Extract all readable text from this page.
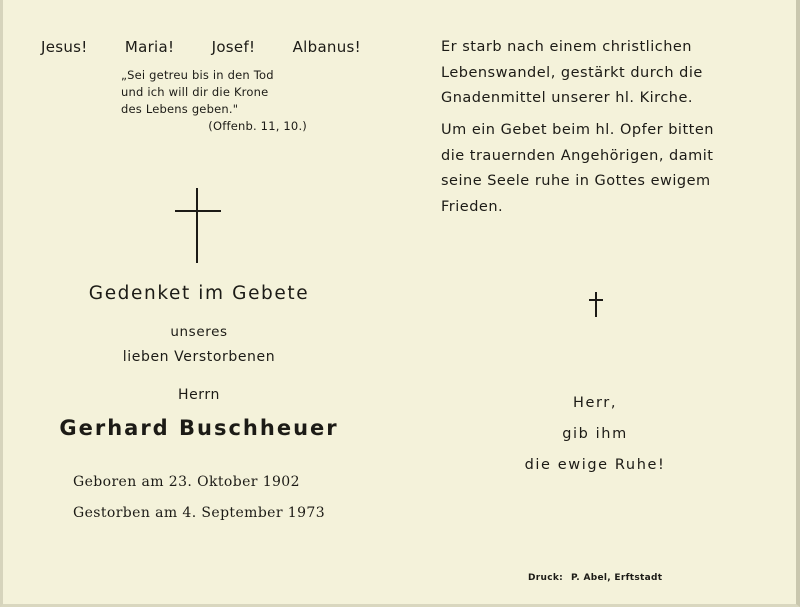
Jesus! Maria! Josef! Albanus!
„Sei getreu bis in den Tod
und ich will dir die Krone
des Lebens geben."
(Offenb. 11, 10.)
Gedenket im Gebete
unseres
lieben Verstorbenen
Herrn
Gerhard Buschheuer
Geboren am 23. Oktober 1902
Gestorben am 4. September 1973
Er starb nach einem christlichen
Lebenswandel, gestärkt durch die
Gnadenmittel unserer hl. Kirche.
Um ein Gebet beim hl. Opfer bitten
die trauernden Angehörigen, damit
seine Seele ruhe in Gottes ewigem
Frieden.
Herr,
gib ihm
die ewige Ruhe!
Druck: P. Abel, Erftstadt
